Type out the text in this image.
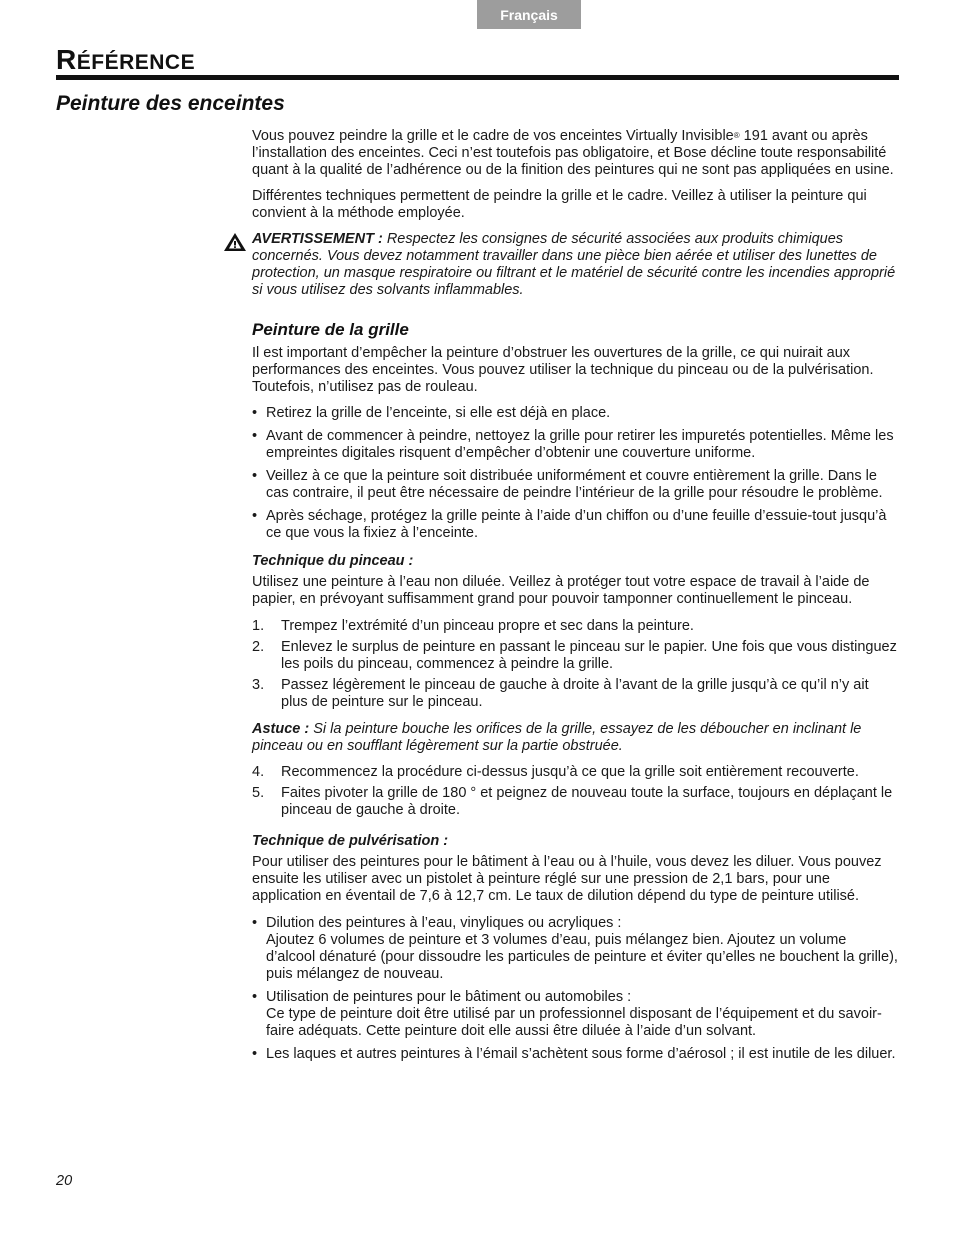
Français
RÉFÉRENCE
Peinture des enceintes

Vous pouvez peindre la grille et le cadre de vos enceintes Virtually Invisible® 191 avant ou après l’installation des enceintes. Ceci n’est toutefois pas obligatoire, et Bose décline toute responsabilité quant à la qualité de l’adhérence ou de la finition des peintures qui ne sont pas appliquées en usine.

Différentes techniques permettent de peindre la grille et le cadre. Veillez à utiliser la peinture qui convient à la méthode employée.

AVERTISSEMENT : Respectez les consignes de sécurité associées aux produits chimiques concernés. Vous devez notamment travailler dans une pièce bien aérée et utiliser des lunettes de protection, un masque respiratoire ou filtrant et le matériel de sécurité contre les incendies approprié si vous utilisez des solvants inflammables.
Peinture de la grille

Il est important d’empêcher la peinture d’obstruer les ouvertures de la grille, ce qui nuirait aux performances des enceintes. Vous pouvez utiliser la technique du pinceau ou de la pulvérisation. Toutefois, n’utilisez pas de rouleau.

• Retirez la grille de l’enceinte, si elle est déjà en place.
• Avant de commencer à peindre, nettoyez la grille pour retirer les impuretés potentielles. Même les empreintes digitales risquent d’empêcher d’obtenir une couverture uniforme.
• Veillez à ce que la peinture soit distribuée uniformément et couvre entièrement la grille. Dans le cas contraire, il peut être nécessaire de peindre l’intérieur de la grille pour résoudre le problème.
• Après séchage, protégez la grille peinte à l’aide d’un chiffon ou d’une feuille d’essuie-tout jusqu’à ce que vous la fixiez à l’enceinte.
Technique du pinceau :

Utilisez une peinture à l’eau non diluée. Veillez à protéger tout votre espace de travail à l’aide de papier, en prévoyant suffisamment grand pour pouvoir tamponner continuellement le pinceau.

1. Trempez l’extrémité d’un pinceau propre et sec dans la peinture.
2. Enlevez le surplus de peinture en passant le pinceau sur le papier. Une fois que vous distinguez les poils du pinceau, commencez à peindre la grille.
3. Passez légèrement le pinceau de gauche à droite à l’avant de la grille jusqu’à ce qu’il n’y ait plus de peinture sur le pinceau.

Astuce : Si la peinture bouche les orifices de la grille, essayez de les déboucher en inclinant le pinceau ou en soufflant légèrement sur la partie obstruée.

4. Recommencez la procédure ci-dessus jusqu’à ce que la grille soit entièrement recouverte.
5. Faites pivoter la grille de 180 ° et peignez de nouveau toute la surface, toujours en déplaçant le pinceau de gauche à droite.
Technique de pulvérisation :

Pour utiliser des peintures pour le bâtiment à l’eau ou à l’huile, vous devez les diluer. Vous pouvez ensuite les utiliser avec un pistolet à peinture réglé sur une pression de 2,1 bars, pour une application en éventail de 7,6 à 12,7 cm. Le taux de dilution dépend du type de peinture utilisé.

• Dilution des peintures à l’eau, vinyliques ou acryliques :
Ajoutez 6 volumes de peinture et 3 volumes d’eau, puis mélangez bien. Ajoutez un volume d’alcool dénaturé (pour dissoudre les particules de peinture et éviter qu’elles ne bouchent la grille), puis mélangez de nouveau.
• Utilisation de peintures pour le bâtiment ou automobiles :
Ce type de peinture doit être utilisé par un professionnel disposant de l’équipement et du savoir-faire adéquats. Cette peinture doit elle aussi être diluée à l’aide d’un solvant.
• Les laques et autres peintures à l’émail s’achètent sous forme d’aérosol ; il est inutile de les diluer.
20
